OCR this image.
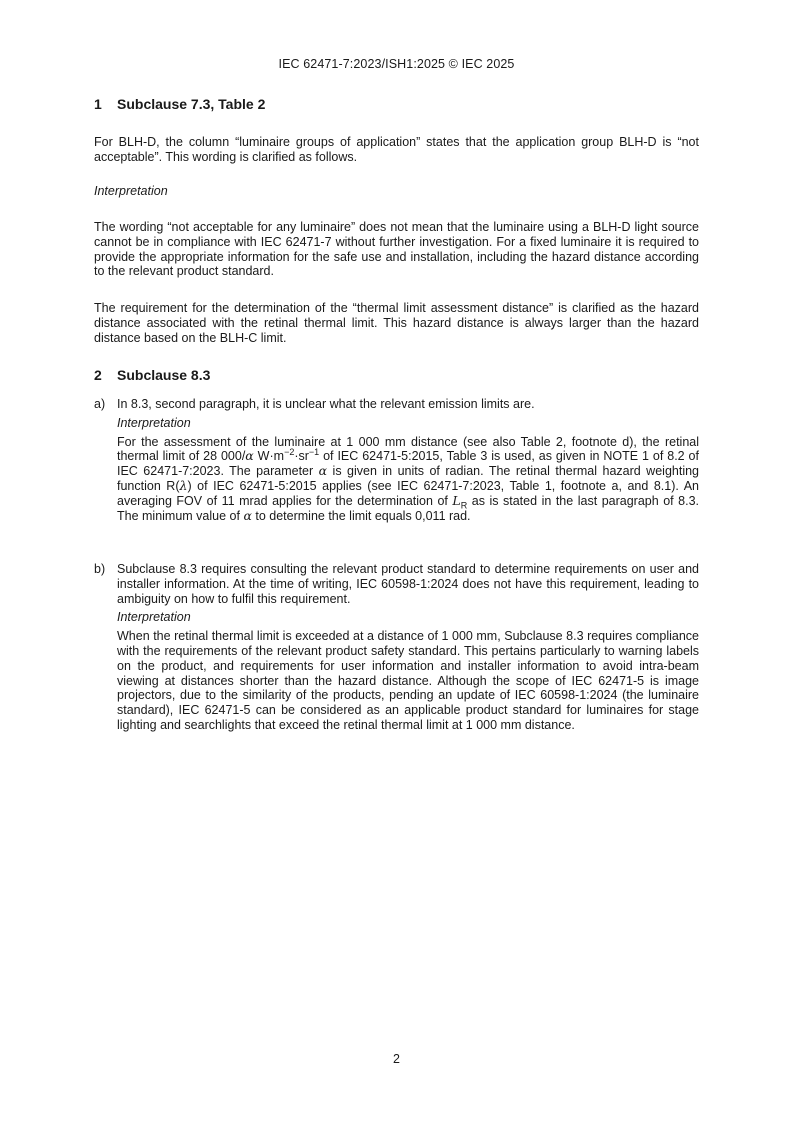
IEC 62471-7:2023/ISH1:2025 © IEC 2025
1 Subclause 7.3, Table 2

For BLH-D, the column “luminaire groups of application” states that the application group BLH-D is “not acceptable”. This wording is clarified as follows.

Interpretation

The wording “not acceptable for any luminaire” does not mean that the luminaire using a BLH-D light source cannot be in compliance with IEC 62471-7 without further investigation. For a fixed luminaire it is required to provide the appropriate information for the safe use and installation, including the hazard distance according to the relevant product standard.

The requirement for the determination of the “thermal limit assessment distance” is clarified as the hazard distance associated with the retinal thermal limit. This hazard distance is always larger than the hazard distance based on the BLH-C limit.

2 Subclause 8.3
a) In 8.3, second paragraph, it is unclear what the relevant emission limits are.
Interpretation
For the assessment of the luminaire at 1 000 mm distance (see also Table 2, footnote d), the retinal thermal limit of 28 000/α $W\cdot m^{-2}\cdot sr^{-1}$ of IEC 62471-5:2015, Table 3 is used, as given in NOTE 1 of 8.2 of IEC 62471-7:2023. The parameter α is given in units of radian. The retinal thermal hazard weighting function R(λ) of IEC 62471-5:2015 applies (see IEC 62471-7:2023, Table 1, footnote a, and 8.1). An averaging FOV of 11 mrad applies for the determination of $L_R$ as is stated in the last paragraph of 8.3. The minimum value of α to determine the limit equals 0,011 rad.
b) Subclause 8.3 requires consulting the relevant product standard to determine requirements on user and installer information. At the time of writing, IEC 60598-1:2024 does not have this requirement, leading to ambiguity on how to fulfil this requirement.
Interpretation
When the retinal thermal limit is exceeded at a distance of 1 000 mm, Subclause 8.3 requires compliance with the requirements of the relevant product safety standard. This pertains particularly to warning labels on the product, and requirements for user information and installer information to avoid intra-beam viewing at distances shorter than the hazard distance. Although the scope of IEC 62471-5 is image projectors, due to the similarity of the products, pending an update of IEC 60598-1:2024 (the luminaire standard), IEC 62471-5 can be considered as an applicable product standard for luminaires for stage lighting and searchlights that exceed the retinal thermal limit at 1 000 mm distance.
2
